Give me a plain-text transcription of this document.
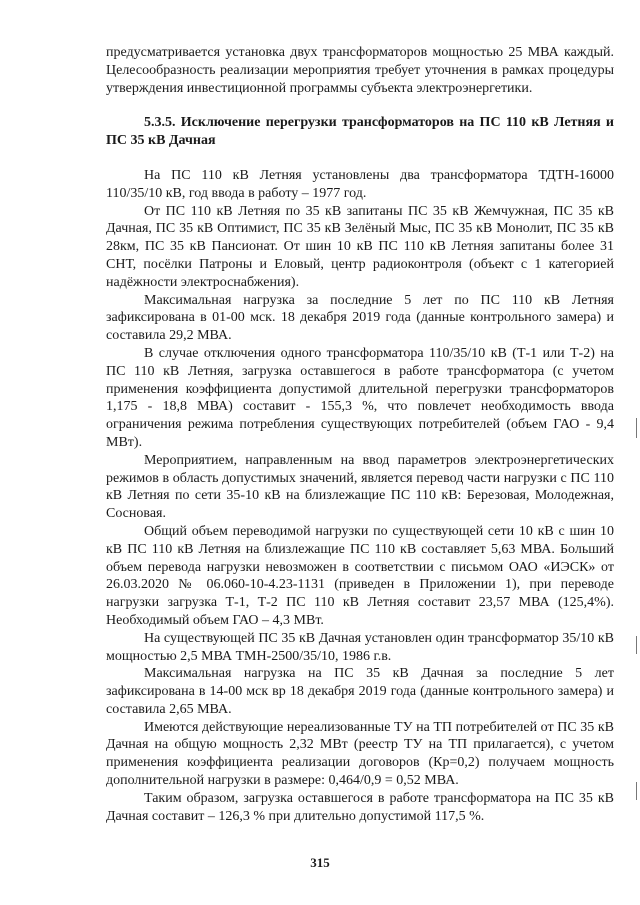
предусматривается установка двух трансформаторов мощностью 25 МВА каждый. Целесообразность реализации мероприятия требует уточнения в рамках процедуры утверждения инвестиционной программы субъекта электроэнергетики.

5.3.5. Исключение перегрузки трансформаторов на ПС 110 кВ Летняя и ПС 35 кВ Дачная

На ПС 110 кВ Летняя установлены два трансформатора ТДТН-16000 110/35/10 кВ, год ввода в работу – 1977 год.

От ПС 110 кВ Летняя по 35 кВ запитаны ПС 35 кВ Жемчужная, ПС 35 кВ Дачная, ПС 35 кВ Оптимист, ПС 35 кВ Зелёный Мыс, ПС 35 кВ Монолит, ПС 35 кВ 28км, ПС 35 кВ Пансионат. От шин 10 кВ ПС 110 кВ Летняя запитаны более 31 СНТ, посёлки Патроны и Еловый, центр радиоконтроля (объект с 1 категорией надёжности электроснабжения).

Максимальная нагрузка за последние 5 лет по ПС 110 кВ Летняя зафиксирована в 01-00 мск. 18 декабря 2019 года (данные контрольного замера) и составила 29,2 МВА.

В случае отключения одного трансформатора 110/35/10 кВ (Т-1 или Т-2) на ПС 110 кВ Летняя, загрузка оставшегося в работе трансформатора (с учетом применения коэффициента допустимой длительной перегрузки трансформаторов 1,175 - 18,8 МВА) составит - 155,3 %, что повлечет необходимость ввода ограничения режима потребления существующих потребителей (объем ГАО - 9,4 МВт).

Мероприятием, направленным на ввод параметров электроэнергетических режимов в область допустимых значений, является перевод части нагрузки с ПС 110 кВ Летняя по сети 35-10 кВ на близлежащие ПС 110 кВ: Березовая, Молодежная, Сосновая.

Общий объем переводимой нагрузки по существующей сети 10 кВ с шин 10 кВ ПС 110 кВ Летняя на близлежащие ПС 110 кВ составляет 5,63 МВА. Больший объем перевода нагрузки невозможен в соответствии с письмом ОАО «ИЭСК» от 26.03.2020 № 06.060-10-4.23-1131 (приведен в Приложении 1), при переводе нагрузки загрузка Т-1, Т-2 ПС 110 кВ Летняя составит 23,57 МВА (125,4%). Необходимый объем ГАО – 4,3 МВт.

На существующей ПС 35 кВ Дачная установлен один трансформатор 35/10 кВ мощностью 2,5 МВА ТМН-2500/35/10, 1986 г.в.

Максимальная нагрузка на ПС 35 кВ Дачная за последние 5 лет зафиксирована в 14-00 мск вр 18 декабря 2019 года (данные контрольного замера) и составила 2,65 МВА.

Имеются действующие нереализованные ТУ на ТП потребителей от ПС 35 кВ Дачная на общую мощность 2,32 МВт (реестр ТУ на ТП прилагается), с учетом применения коэффициента реализации договоров (Кр=0,2) получаем мощность дополнительной нагрузки в размере: 0,464/0,9 = 0,52 МВА.

Таким образом, загрузка оставшегося в работе трансформатора на ПС 35 кВ Дачная составит – 126,3 % при длительно допустимой 117,5 %.

315
